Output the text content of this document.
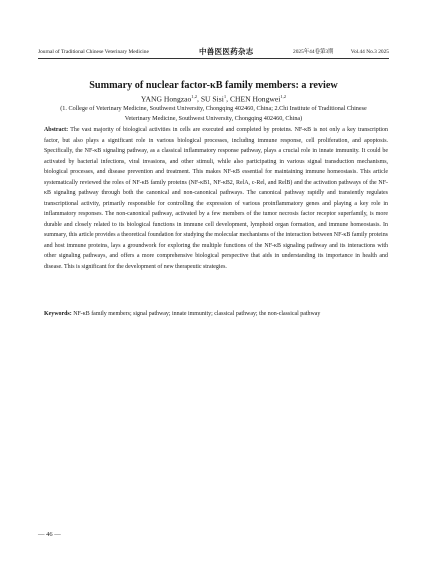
Journal of Traditional Chinese Veterinary Medicine	中兽医医药杂志	2025年44卷第3期	Vol.44 No.3 2025
Summary of nuclear factor-κB family members: a review
YANG Hongzao$^{1,2}$, SU Sisi$^1$, CHEN Hongwei$^{1,2}$
(1. College of Veterinary Medicine, Southwest University, Chongqing 402460, China; 2.Chi Institute of Traditional Chinese Veterinary Medicine, Southwest University, Chongqing 402460, China)
Abstract: The vast majority of biological activities in cells are executed and completed by proteins. NF-κB is not only a key transcription factor, but also plays a significant role in various biological processes, including immune response, cell proliferation, and apoptosis. Specifically, the NF-κB signaling pathway, as a classical inflammatory response pathway, plays a crucial role in innate immunity. It could be activated by bacterial infections, viral invasions, and other stimuli, while also participating in various signal transduction mechanisms, biological processes, and disease prevention and treatment. This makes NF-κB essential for maintaining immune homeostasis. This article systematically reviewed the roles of NF-κB family proteins (NF-κB1, NF-κB2, RelA, c-Rel, and RelB) and the activation pathways of the NF-κB signaling pathway through both the canonical and non-canonical pathways. The canonical pathway rapidly and transiently regulates transcriptional activity, primarily responsible for controlling the expression of various proinflammatory genes and playing a key role in inflammatory responses. The non-canonical pathway, activated by a few members of the tumor necrosis factor receptor superfamily, is more durable and closely related to its biological functions in immune cell development, lymphoid organ formation, and immune homeostasis. In summary, this article provides a theoretical foundation for studying the molecular mechanisms of the interaction between NF-κB family proteins and host immune proteins, lays a groundwork for exploring the multiple functions of the NF-κB signaling pathway and its interactions with other signaling pathways, and offers a more comprehensive biological perspective that aids in understanding its importance in health and disease. This is significant for the development of new therapeutic strategies.
Keywords: NF-κB family members; signal pathway; innate immunity; classical pathway; the non-classical pathway
— 46 —
